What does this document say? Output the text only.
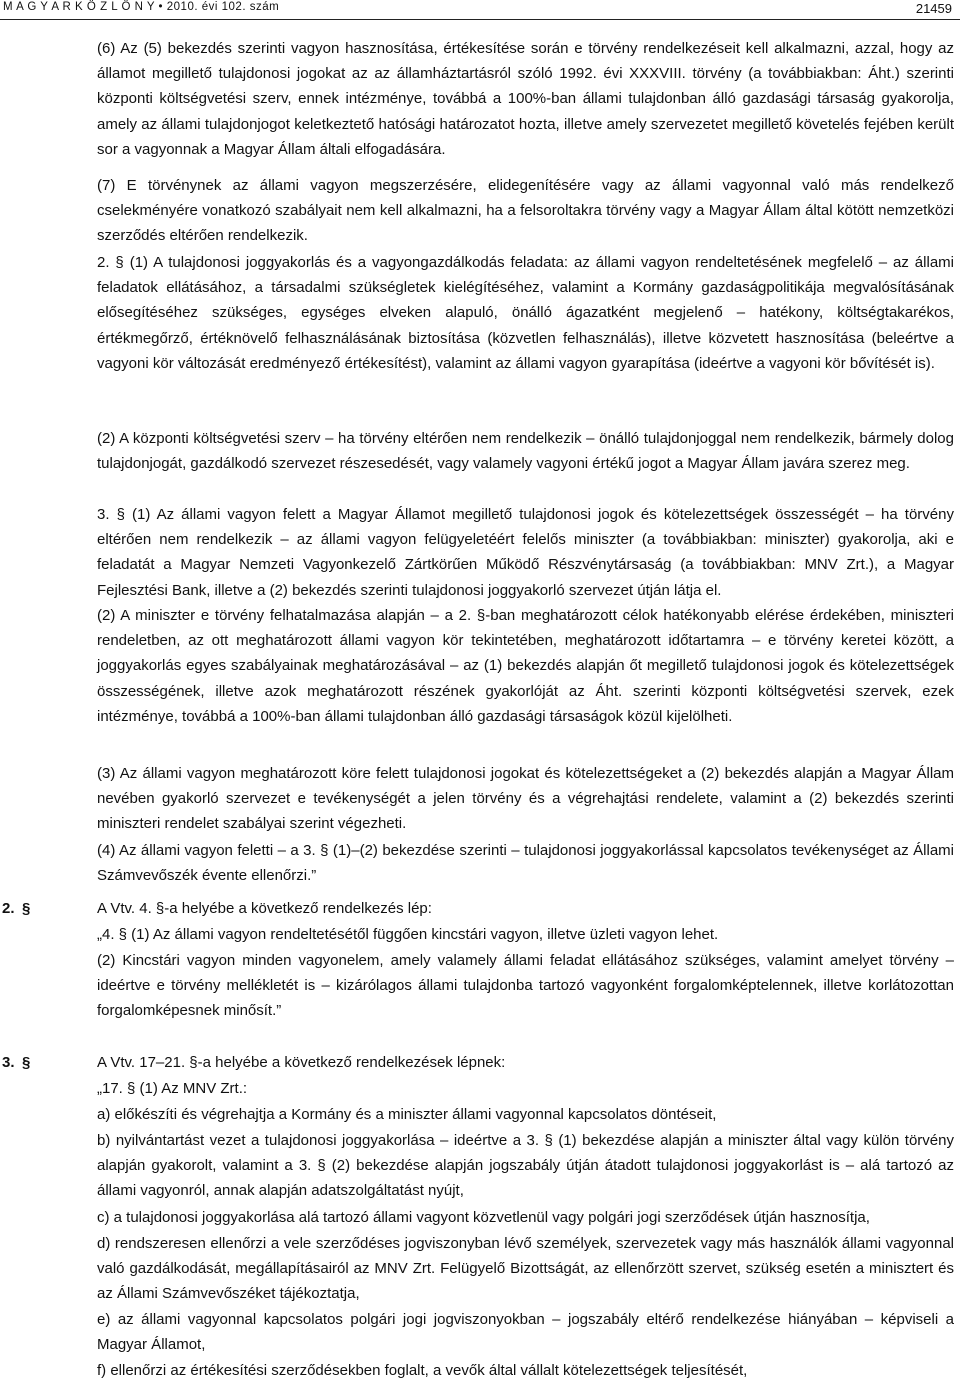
M A G Y A R K Ö Z L Ö N Y • 2010. évi 102. szám	21459
(6) Az (5) bekezdés szerinti vagyon hasznosítása, értékesítése során e törvény rendelkezéseit kell alkalmazni, azzal, hogy az államot megillető tulajdonosi jogokat az az államháztartásról szóló 1992. évi XXXVIII. törvény (a továbbiakban: Áht.) szerinti központi költségvetési szerv, ennek intézménye, továbbá a 100%-ban állami tulajdonban álló gazdasági társaság gyakorolja, amely az állami tulajdonjogot keletkeztető hatósági határozatot hozta, illetve amely szervezetet megillető követelés fejében került sor a vagyonnak a Magyar Állam általi elfogadására.
(7) E törvénynek az állami vagyon megszerzésére, elidegenítésére vagy az állami vagyonnal való más rendelkező cselekményére vonatkozó szabályait nem kell alkalmazni, ha a felsoroltakra törvény vagy a Magyar Állam által kötött nemzetközi szerződés eltérően rendelkezik.
2. § (1) A tulajdonosi joggyakorlás és a vagyongazdálkodás feladata: az állami vagyon rendeltetésének megfelelő – az állami feladatok ellátásához, a társadalmi szükségletek kielégítéséhez, valamint a Kormány gazdaságpolitikája megvalósításának elősegítéséhez szükséges, egységes elveken alapuló, önálló ágazatként megjelenő – hatékony, költségtakarékos, értékmegőrző, értéknövelő felhasználásának biztosítása (közvetlen felhasználás), illetve közvetett hasznosítása (beleértve a vagyoni kör változását eredményező értékesítést), valamint az állami vagyon gyarapítása (ideértve a vagyoni kör bővítését is).
(2) A központi költségvetési szerv – ha törvény eltérően nem rendelkezik – önálló tulajdonjoggal nem rendelkezik, bármely dolog tulajdonjogát, gazdálkodó szervezet részesedését, vagy valamely vagyoni értékű jogot a Magyar Állam javára szerez meg.
3. § (1) Az állami vagyon felett a Magyar Államot megillető tulajdonosi jogok és kötelezettségek összességét – ha törvény eltérően nem rendelkezik – az állami vagyon felügyeletéért felelős miniszter (a továbbiakban: miniszter) gyakorolja, aki e feladatát a Magyar Nemzeti Vagyonkezelő Zártkörűen Működő Részvénytársaság (a továbbiakban: MNV Zrt.), a Magyar Fejlesztési Bank, illetve a (2) bekezdés szerinti tulajdonosi joggyakorló szervezet útján látja el.
(2) A miniszter e törvény felhatalmazása alapján – a 2. §-ban meghatározott célok hatékonyabb elérése érdekében, miniszteri rendeletben, az ott meghatározott állami vagyon kör tekintetében, meghatározott időtartamra – e törvény keretei között, a joggyakorlás egyes szabályainak meghatározásával – az (1) bekezdés alapján őt megillető tulajdonosi jogok és kötelezettségek összességének, illetve azok meghatározott részének gyakorlóját az Áht. szerinti központi költségvetési szervek, ezek intézménye, továbbá a 100%-ban állami tulajdonban álló gazdasági társaságok közül kijelölheti.
(3) Az állami vagyon meghatározott köre felett tulajdonosi jogokat és kötelezettségeket a (2) bekezdés alapján a Magyar Állam nevében gyakorló szervezet e tevékenységét a jelen törvény és a végrehajtási rendelete, valamint a (2) bekezdés szerinti miniszteri rendelet szabályai szerint végezheti.
(4) Az állami vagyon feletti – a 3. § (1)–(2) bekezdése szerinti – tulajdonosi joggyakorlással kapcsolatos tevékenységet az Állami Számvevőszék évente ellenőrzi.”
2. §	A Vtv. 4. §-a helyébe a következő rendelkezés lép:
„4. § (1) Az állami vagyon rendeltetésétől függően kincstári vagyon, illetve üzleti vagyon lehet.
(2) Kincstári vagyon minden vagyonelem, amely valamely állami feladat ellátásához szükséges, valamint amelyet törvény – ideértve e törvény mellékletét is – kizárólagos állami tulajdonba tartozó vagyonként forgalomképtelennek, illetve korlátozottan forgalomképesnek minősít.”
3. §	A Vtv. 17–21. §-a helyébe a következő rendelkezések lépnek:
„17. § (1) Az MNV Zrt.:
a) előkészíti és végrehajtja a Kormány és a miniszter állami vagyonnal kapcsolatos döntéseit,
b) nyilvántartást vezet a tulajdonosi joggyakorlása – ideértve a 3. § (1) bekezdése alapján a miniszter által vagy külön törvény alapján gyakorolt, valamint a 3. § (2) bekezdése alapján jogszabály útján átadott tulajdonosi joggyakorlást is – alá tartozó az állami vagyonról, annak alapján adatszolgáltatást nyújt,
c) a tulajdonosi joggyakorlása alá tartozó állami vagyont közvetlenül vagy polgári jogi szerződések útján hasznosítja,
d) rendszeresen ellenőrzi a vele szerződéses jogviszonyban lévő személyek, szervezetek vagy más használók állami vagyonnal való gazdálkodását, megállapításairól az MNV Zrt. Felügyelő Bizottságát, az ellenőrzött szervet, szükség esetén a minisztert és az Állami Számvevőszéket tájékoztatja,
e) az állami vagyonnal kapcsolatos polgári jogi jogviszonyokban – jogszabály eltérő rendelkezése hiányában – képviseli a Magyar Államot,
f) ellenőrzi az értékesítési szerződésekben foglalt, a vevők által vállalt kötelezettségek teljesítését,
